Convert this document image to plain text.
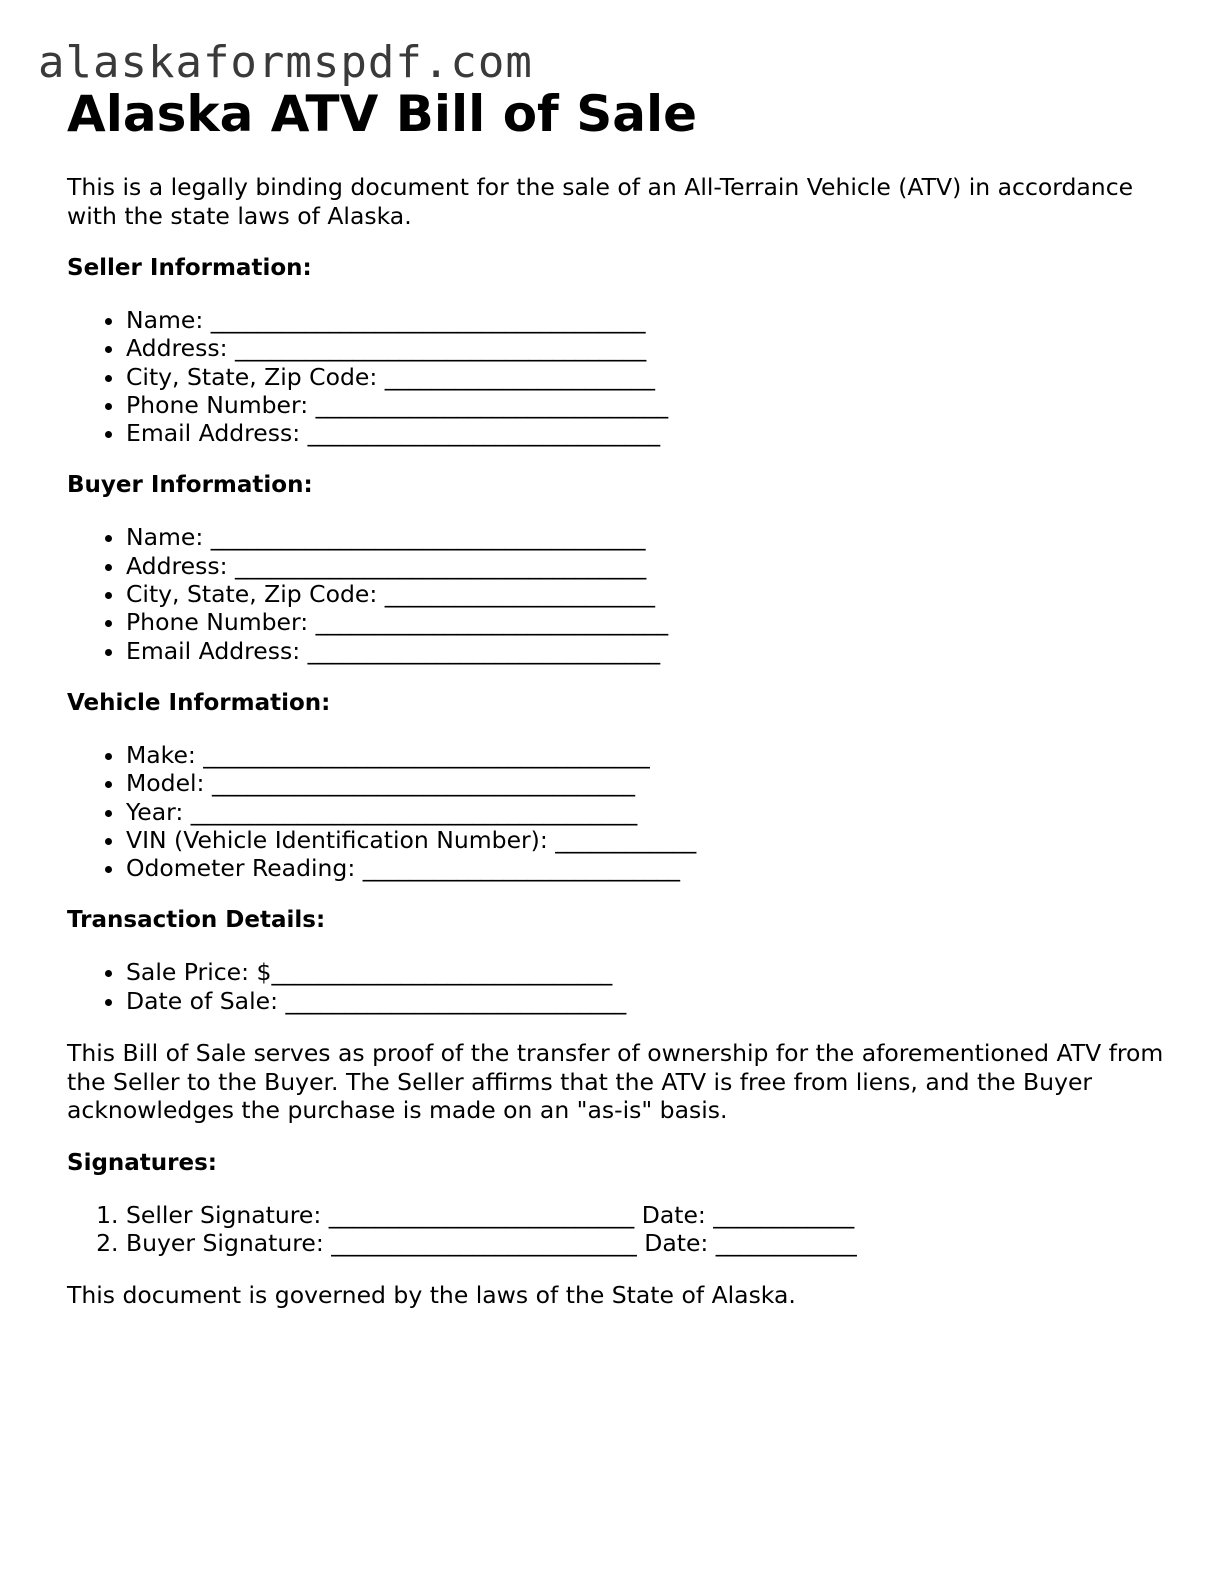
alaskaformspdf.com
Alaska ATV Bill of Sale

This is a legally binding document for the sale of an All-Terrain Vehicle (ATV) in accordance with the state laws of Alaska.

Seller Information:
• Name: _____________________________________
• Address: ___________________________________
• City, State, Zip Code: _______________________
• Phone Number: ______________________________
• Email Address: ______________________________
Buyer Information:
• Name: _____________________________________
• Address: ___________________________________
• City, State, Zip Code: _______________________
• Phone Number: ______________________________
• Email Address: ______________________________
Vehicle Information:
• Make: ______________________________________
• Model: ____________________________________
• Year: ______________________________________
• VIN (Vehicle Identification Number): ____________
• Odometer Reading: ___________________________
Transaction Details:
• Sale Price: $_____________________________
• Date of Sale: _____________________________

This Bill of Sale serves as proof of the transfer of ownership for the aforementioned ATV from the Seller to the Buyer. The Seller affirms that the ATV is free from liens, and the Buyer acknowledges the purchase is made on an "as-is" basis.

Signatures:
1. Seller Signature: __________________________ Date: ____________
2. Buyer Signature: __________________________ Date: ____________

This document is governed by the laws of the State of Alaska.
